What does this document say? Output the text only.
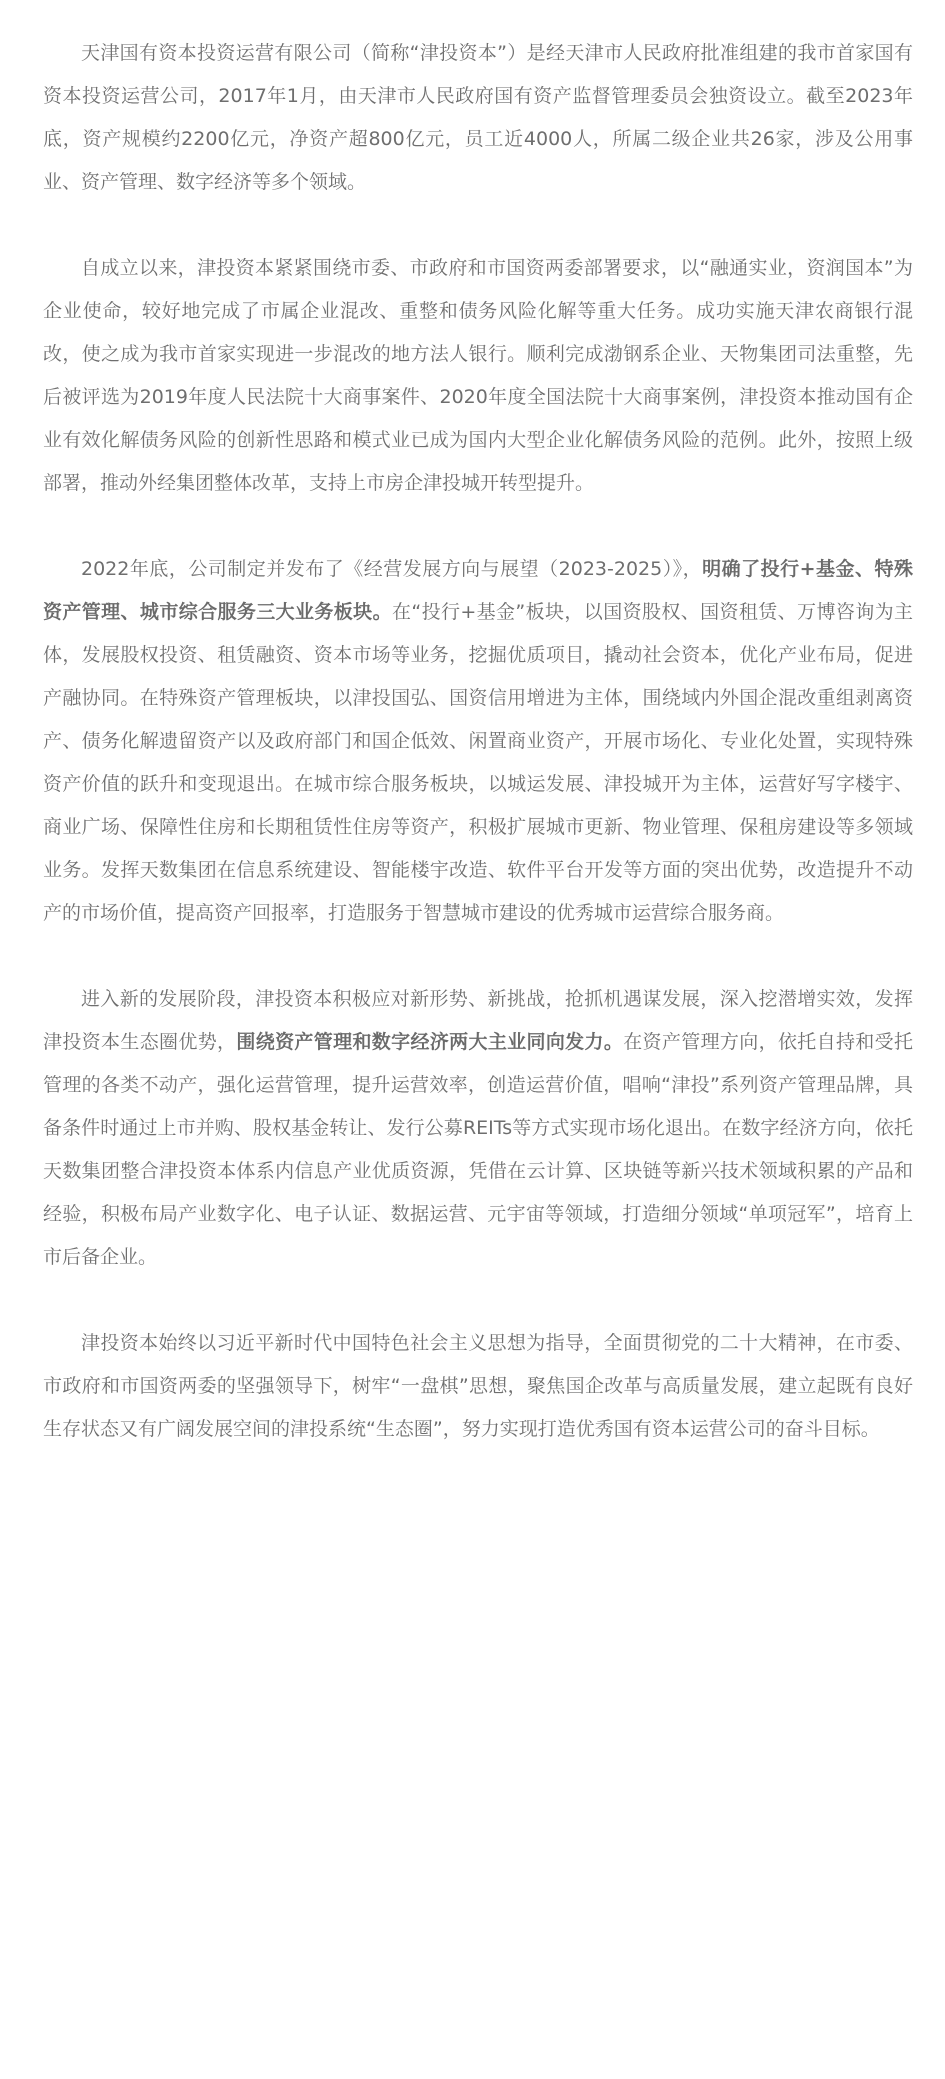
天津国有资本投资运营有限公司（简称“津投资本”）是经天津市人民政府批准组建的我市首家国有资本投资运营公司，2017年1月，由天津市人民政府国有资产监督管理委员会独资设立。截至2023年底，资产规模约2200亿元，净资产超800亿元，员工近4000人，所属二级企业共26家，涉及公用事业、资产管理、数字经济等多个领域。

自成立以来，津投资本紧紧围绕市委、市政府和市国资两委部署要求，以“融通实业，资润国本”为企业使命，较好地完成了市属企业混改、重整和债务风险化解等重大任务。成功实施天津农商银行混改，使之成为我市首家实现进一步混改的地方法人银行。顺利完成渤钢系企业、天物集团司法重整，先后被评选为2019年度人民法院十大商事案件、2020年度全国法院十大商事案例，津投资本推动国有企业有效化解债务风险的创新性思路和模式业已成为国内大型企业化解债务风险的范例。此外，按照上级部署，推动外经集团整体改革，支持上市房企津投城开转型提升。

2022年底，公司制定并发布了《经营发展方向与展望（2023-2025）》，明确了投行+基金、特殊资产管理、城市综合服务三大业务板块。在“投行+基金”板块，以国资股权、国资租赁、万博咨询为主体，发展股权投资、租赁融资、资本市场等业务，挖掘优质项目，撬动社会资本，优化产业布局，促进产融协同。在特殊资产管理板块，以津投国弘、国资信用增进为主体，围绕域内外国企混改重组剥离资产、债务化解遗留资产以及政府部门和国企低效、闲置商业资产，开展市场化、专业化处置，实现特殊资产价值的跃升和变现退出。在城市综合服务板块，以城运发展、津投城开为主体，运营好写字楼宇、商业广场、保障性住房和长期租赁性住房等资产，积极扩展城市更新、物业管理、保租房建设等多领域业务。发挥天数集团在信息系统建设、智能楼宇改造、软件平台开发等方面的突出优势，改造提升不动产的市场价值，提高资产回报率，打造服务于智慧城市建设的优秀城市运营综合服务商。

进入新的发展阶段，津投资本积极应对新形势、新挑战，抢抓机遇谋发展，深入挖潜增实效，发挥津投资本生态圈优势，围绕资产管理和数字经济两大主业同向发力。在资产管理方向，依托自持和受托管理的各类不动产，强化运营管理，提升运营效率，创造运营价值，唱响“津投”系列资产管理品牌，具备条件时通过上市并购、股权基金转让、发行公募REITs等方式实现市场化退出。在数字经济方向，依托天数集团整合津投资本体系内信息产业优质资源，凭借在云计算、区块链等新兴技术领域积累的产品和经验，积极布局产业数字化、电子认证、数据运营、元宇宙等领域，打造细分领域“单项冠军”，培育上市后备企业。

津投资本始终以习近平新时代中国特色社会主义思想为指导，全面贯彻党的二十大精神，在市委、市政府和市国资两委的坚强领导下，树牢“一盘棋”思想，聚焦国企改革与高质量发展，建立起既有良好生存状态又有广阔发展空间的津投系统“生态圈”，努力实现打造优秀国有资本运营公司的奋斗目标。
